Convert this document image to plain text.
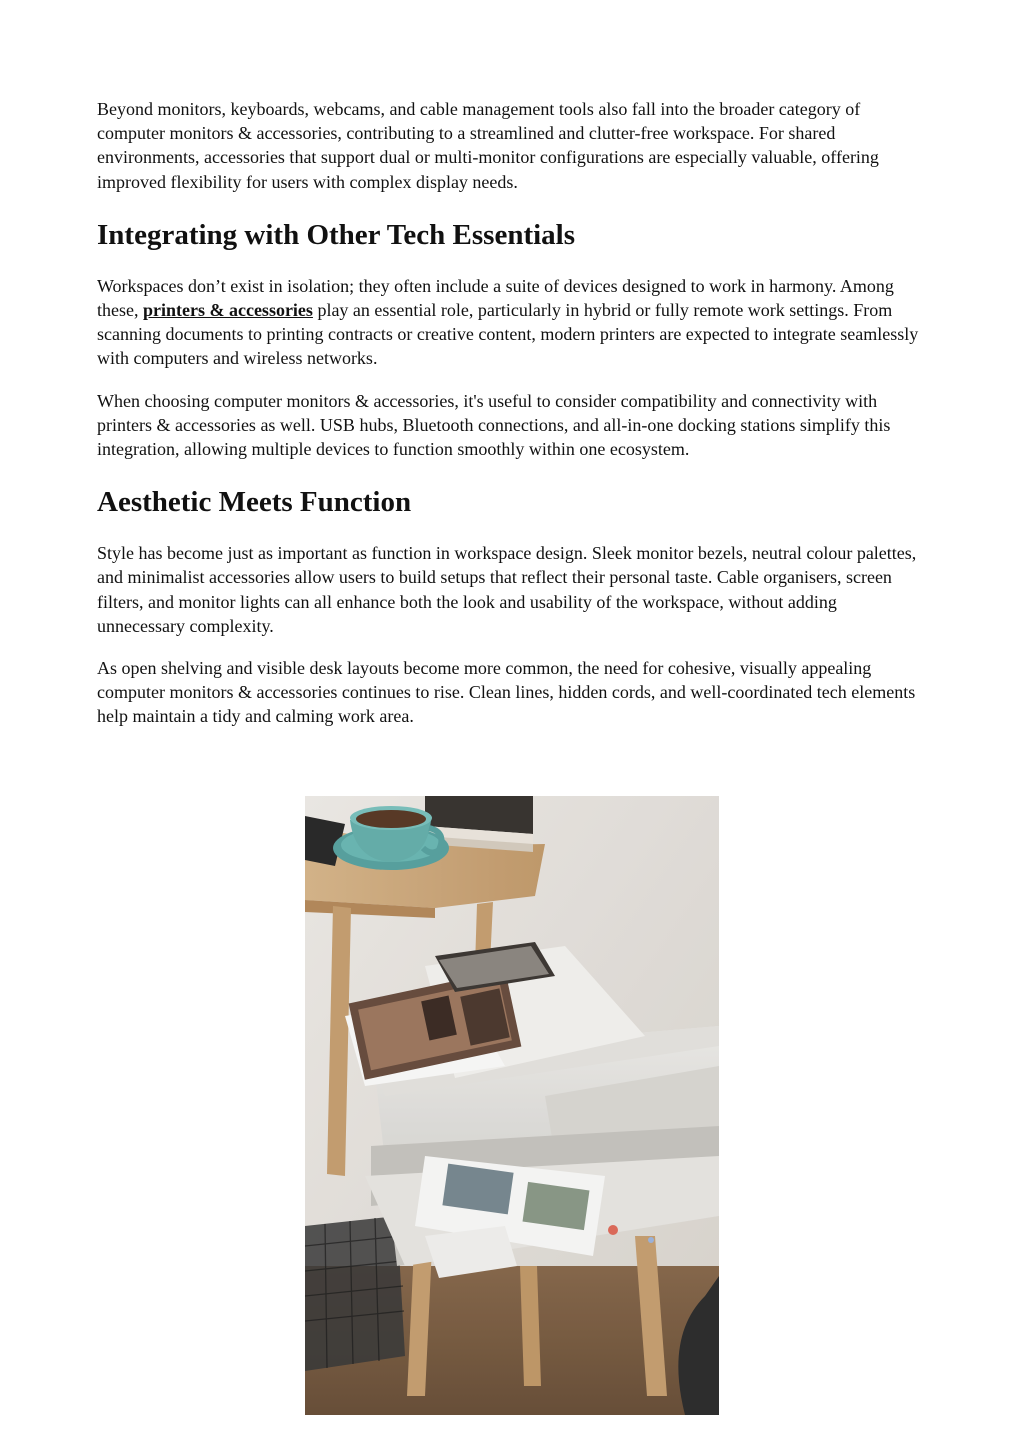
Beyond monitors, keyboards, webcams, and cable management tools also fall into the broader category of computer monitors & accessories, contributing to a streamlined and clutter-free workspace. For shared environments, accessories that support dual or multi-monitor configurations are especially valuable, offering improved flexibility for users with complex display needs.

Integrating with Other Tech Essentials

Workspaces don’t exist in isolation; they often include a suite of devices designed to work in harmony. Among these, printers & accessories play an essential role, particularly in hybrid or fully remote work settings. From scanning documents to printing contracts or creative content, modern printers are expected to integrate seamlessly with computers and wireless networks.

When choosing computer monitors & accessories, it's useful to consider compatibility and connectivity with printers & accessories as well. USB hubs, Bluetooth connections, and all-in-one docking stations simplify this integration, allowing multiple devices to function smoothly within one ecosystem.

Aesthetic Meets Function

Style has become just as important as function in workspace design. Sleek monitor bezels, neutral colour palettes, and minimalist accessories allow users to build setups that reflect their personal taste. Cable organisers, screen filters, and monitor lights can all enhance both the look and usability of the workspace, without adding unnecessary complexity.

As open shelving and visible desk layouts become more common, the need for cohesive, visually appealing computer monitors & accessories continues to rise. Clean lines, hidden cords, and well-coordinated tech elements help maintain a tidy and calming work area.
